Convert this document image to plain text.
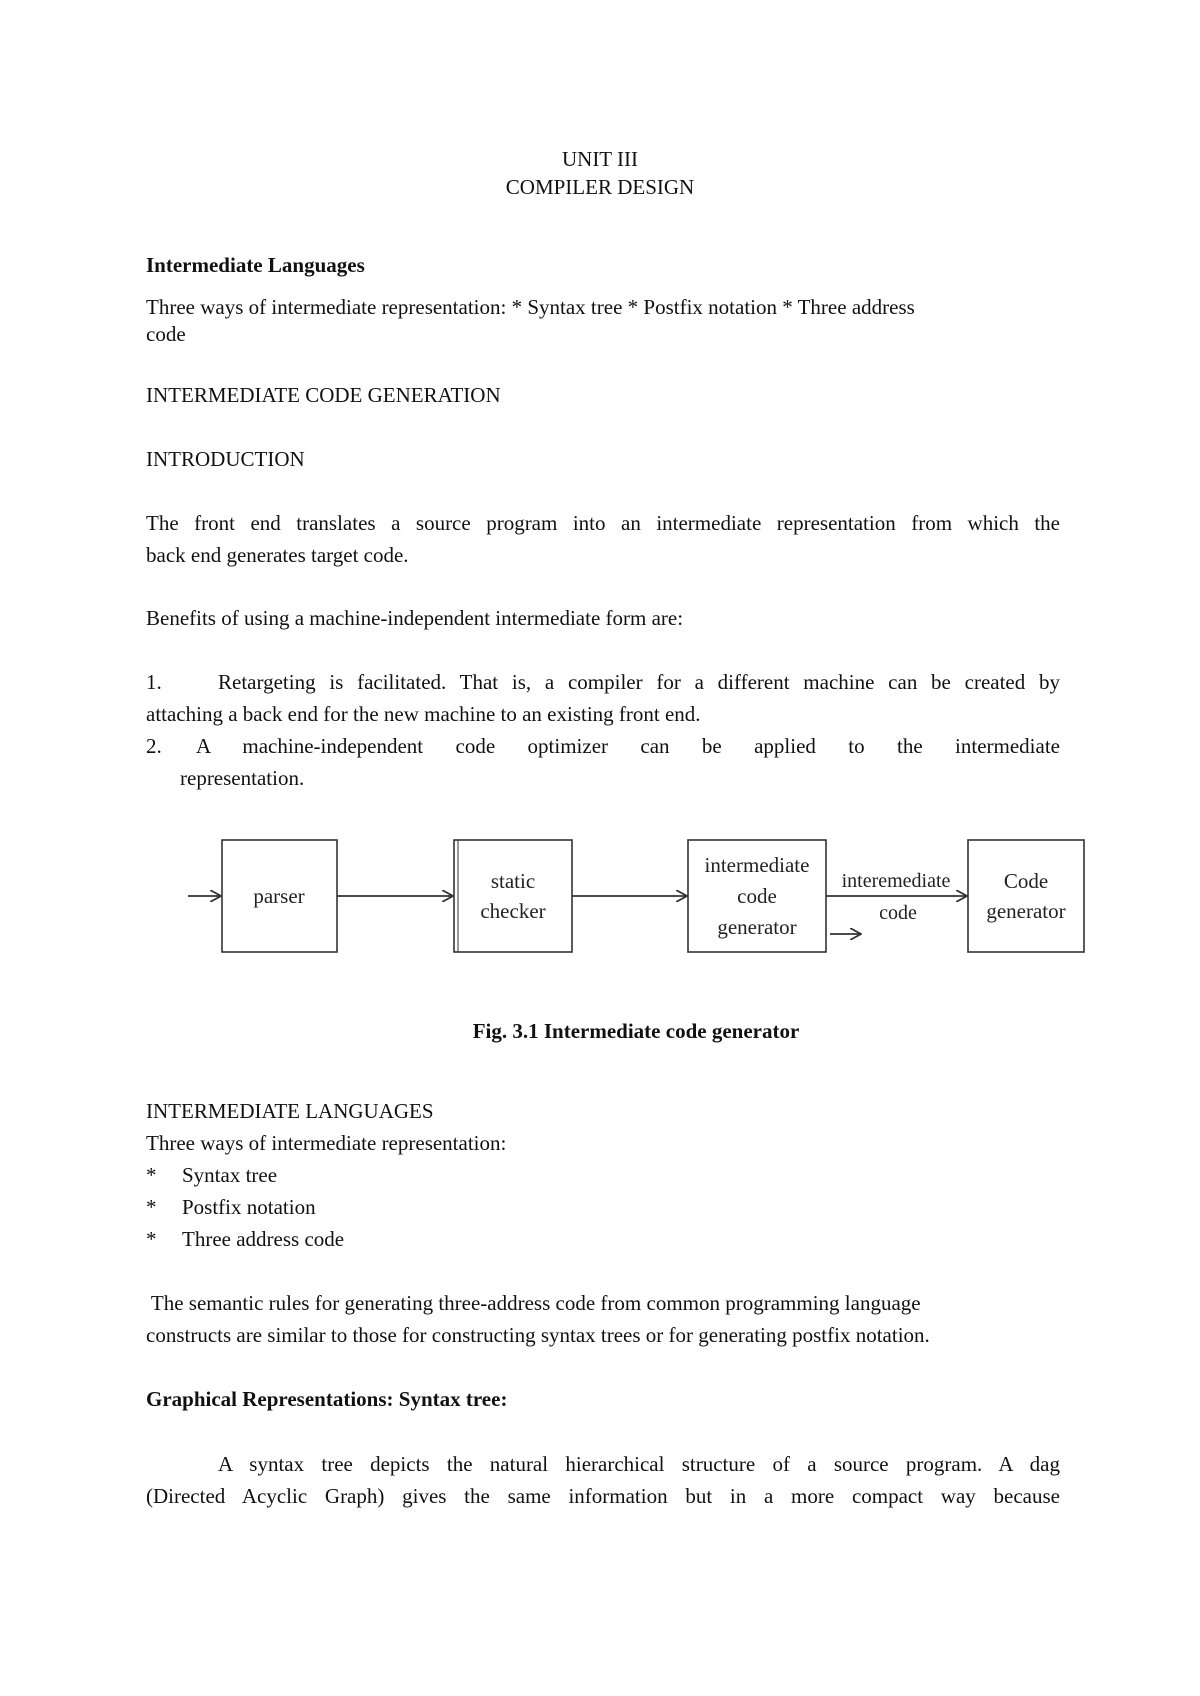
UNIT III
COMPILER DESIGN
Intermediate Languages
Three ways of intermediate representation: * Syntax tree * Postfix notation * Three address
code
INTERMEDIATE CODE GENERATION
INTRODUCTION
The front end translates a source program into an intermediate representation from which the
back end generates target code.
Benefits of using a machine-independent intermediate form are:
1.	Retargeting is facilitated. That is, a compiler for a different machine can be created by
attaching a back end for the new machine to an existing front end.
2. A machine-independent code optimizer can be applied to the intermediate
representation.
parser
static
checker
intermediate
code
generator
interemediate
code
Code
generator
Fig. 3.1 Intermediate code generator
INTERMEDIATE LANGUAGES
Three ways of intermediate representation:
* Syntax tree
* Postfix notation
* Three address code
The semantic rules for generating three-address code from common programming language
constructs are similar to those for constructing syntax trees or for generating postfix notation.
Graphical Representations: Syntax tree:
A syntax tree depicts the natural hierarchical structure of a source program. A dag
(Directed Acyclic Graph) gives the same information but in a more compact way because
